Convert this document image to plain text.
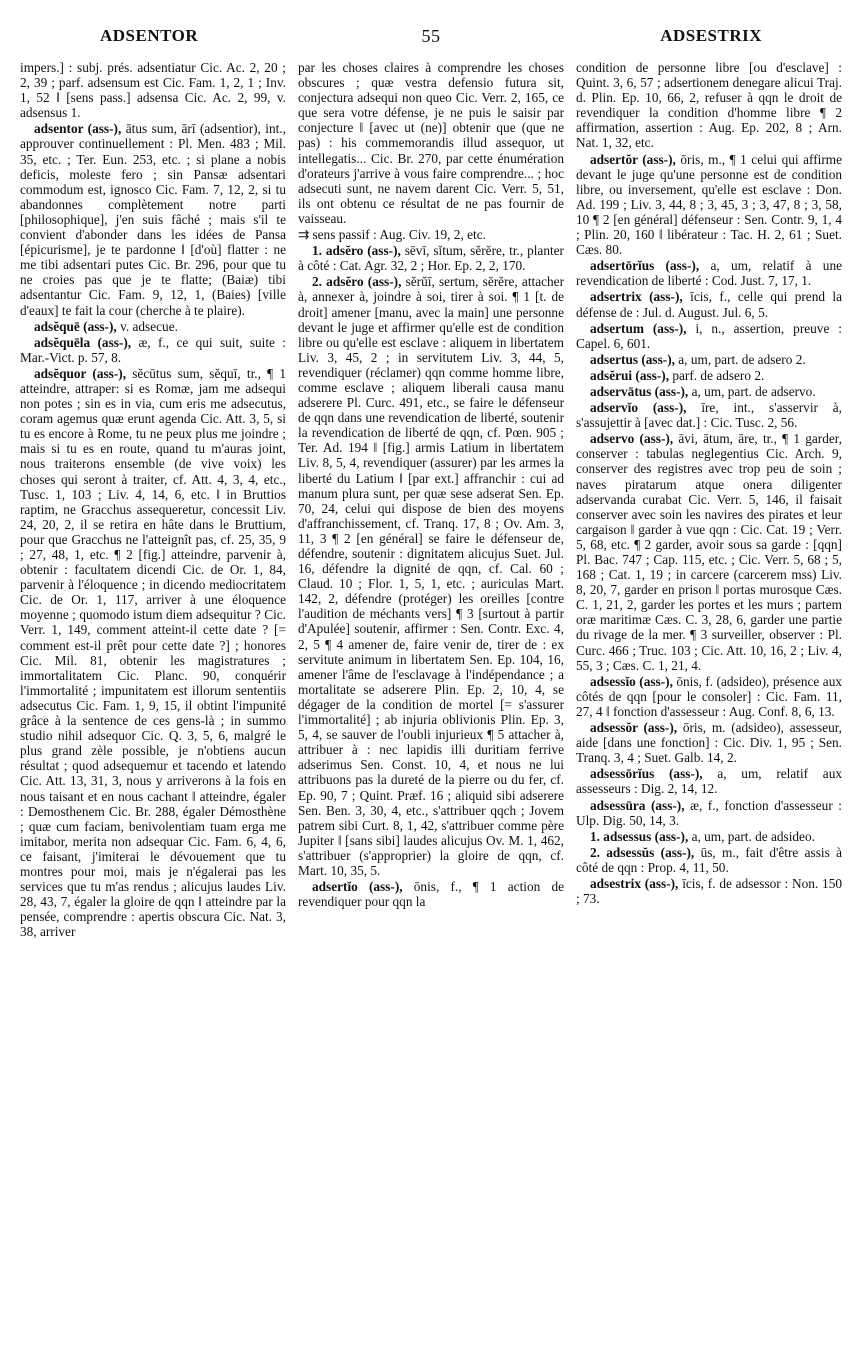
ADSENTOR	55	ADSESTRIX

impers.] : subj. prés. adsentiatur Cic. Ac. 2, 20 ; 2, 39 ; parf. adsensum est Cic. Fam. 1, 2, 1 ; Inv. 1, 52 ‖ [sens pass.] adsensa Cic. Ac. 2, 99, v. adsensus 1.

adsentor (ass-), ātus sum, ārī (adsentior), int., approuver continuellement : Pl. Men. 483 ; Mil. 35, etc. ; Ter. Eun. 253, etc. ; si plane a nobis deficis, moleste fero ; sin Pansæ adsentari commodum est, ignosco Cic. Fam. 7, 12, 2, si tu abandonnes complètement notre parti [philosophique], j'en suis fâché ; mais s'il te convient d'abonder dans les idées de Pansa [épicurisme], je te pardonne ‖ [d'où] flatter : ne me tibi adsentari putes Cic. Br. 296, pour que tu ne croies pas que je te flatte; (Baiæ) tibi adsentantur Cic. Fam. 9, 12, 1, (Baies) [ville d'eaux] te fait la cour (cherche à te plaire).

adsĕquē (ass-), v. adsecue.

adsĕquēla (ass-), æ, f., ce qui suit, suite : Mar.-Vict. p. 57, 8.

adsĕquor (ass-), sĕcūtus sum, sĕquī, tr., ¶ 1 atteindre, attraper: si es Romæ, jam me adsequi non potes ; sin es in via, cum eris me adsecutus, coram agemus quæ erunt agenda Cic. Att. 3, 5, si tu es encore à Rome, tu ne peux plus me joindre ; mais si tu es en route, quand tu m'auras joint, nous traiterons ensemble (de vive voix) les choses qui seront à traiter, cf. Att. 4, 3, 4, etc., Tusc. 1, 103 ; Liv. 4, 14, 6, etc. ‖ in Bruttios raptim, ne Gracchus assequeretur, concessit Liv. 24, 20, 2, il se retira en hâte dans le Bruttium, pour que Gracchus ne l'atteignît pas, cf. 25, 35, 9 ; 27, 48, 1, etc. ¶ 2 [fig.] atteindre, parvenir à, obtenir : facultatem dicendi Cic. de Or. 1, 84, parvenir à l'éloquence ; in dicendo mediocritatem Cic. de Or. 1, 117, arriver à une éloquence moyenne ; quomodo istum diem adsequitur ? Cic. Verr. 1, 149, comment atteint-il cette date ? [= comment est-il prêt pour cette date ?] ; honores Cic. Mil. 81, obtenir les magistratures ; immortalitatem Cic. Planc. 90, conquérir l'immortalité ; impunitatem est illorum sententiis adsecutus Cic. Fam. 1, 9, 15, il obtint l'impunité grâce à la sentence de ces gens-là ; in summo studio nihil adsequor Cic. Q. 3, 5, 6, malgré le plus grand zèle possible, je n'obtiens aucun résultat ; quod adsequemur et tacendo et latendo Cic. Att. 13, 31, 3, nous y arriverons à la fois en nous taisant et en nous cachant ‖ atteindre, égaler : Demosthenem Cic. Br. 288, égaler Démosthène ; quæ cum faciam, benivolentiam tuam erga me imitabor, merita non adsequar Cic. Fam. 6, 4, 6, ce faisant, j'imiterai le dévouement que tu montres pour moi, mais je n'égalerai pas les services que tu m'as rendus ; alicujus laudes Liv. 28, 43, 7, égaler la gloire de qqn ‖ atteindre par la pensée, comprendre : apertis obscura Cic. Nat. 3, 38, arriver

par les choses claires à comprendre les choses obscures ; quæ vestra defensio futura sit, conjectura adsequi non queo Cic. Verr. 2, 165, ce que sera votre défense, je ne puis le saisir par conjecture ‖ [avec ut (ne)] obtenir que (que ne pas) : his commemorandis illud assequor, ut intellegatis... Cic. Br. 270, par cette énumération d'orateurs j'arrive à vous faire comprendre... ; hoc adsecuti sunt, ne navem darent Cic. Verr. 5, 51, ils ont obtenu ce résultat de ne pas fournir de vaisseau.

⇉ sens passif : Aug. Civ. 19, 2, etc.

1. adsĕro (ass-), sēvī, sĭtum, sĕrĕre, tr., planter à côté : Cat. Agr. 32, 2 ; Hor. Ep. 2, 2, 170.

2. adsĕro (ass-), sĕrŭī, sertum, sĕrĕre, attacher à, annexer à, joindre à soi, tirer à soi. ¶ 1 [t. de droit] amener [manu, avec la main] une personne devant le juge et affirmer qu'elle est de condition libre ou qu'elle est esclave : aliquem in libertatem Liv. 3, 45, 2 ; in servitutem Liv. 3, 44, 5, revendiquer (réclamer) qqn comme homme libre, comme esclave ; aliquem liberali causa manu adserere Pl. Curc. 491, etc., se faire le défenseur de qqn dans une revendication de liberté, soutenir la revendication de liberté de qqn, cf. Pœn. 905 ; Ter. Ad. 194 ‖ [fig.] armis Latium in libertatem Liv. 8, 5, 4, revendiquer (assurer) par les armes la liberté du Latium ‖ [par ext.] affranchir : cui ad manum plura sunt, per quæ sese adserat Sen. Ep. 70, 24, celui qui dispose de bien des moyens d'affranchissement, cf. Tranq. 17, 8 ; Ov. Am. 3, 11, 3 ¶ 2 [en général] se faire le défenseur de, défendre, soutenir : dignitatem alicujus Suet. Jul. 16, défendre la dignité de qqn, cf. Cal. 60 ; Claud. 10 ; Flor. 1, 5, 1, etc. ; auriculas Mart. 142, 2, défendre (protéger) les oreilles [contre l'audition de méchants vers] ¶ 3 [surtout à partir d'Apulée] soutenir, affirmer : Sen. Contr. Exc. 4, 2, 5 ¶ 4 amener de, faire venir de, tirer de : ex servitute animum in libertatem Sen. Ep. 104, 16, amener l'âme de l'esclavage à l'indépendance ; a mortalitate se adserere Plin. Ep. 2, 10, 4, se dégager de la condition de mortel [= s'assurer l'immortalité] ; ab injuria oblivionis Plin. Ep. 3, 5, 4, se sauver de l'oubli injurieux ¶ 5 attacher à, attribuer à : nec lapidis illi duritiam ferrive adserimus Sen. Const. 10, 4, et nous ne lui attribuons pas la dureté de la pierre ou du fer, cf. Ep. 90, 7 ; Quint. Præf. 16 ; aliquid sibi adserere Sen. Ben. 3, 30, 4, etc., s'attribuer qqch ; Jovem patrem sibi Curt. 8, 1, 42, s'attribuer comme père Jupiter ‖ [sans sibi] laudes alicujus Ov. M. 1, 462, s'attribuer (s'approprier) la gloire de qqn, cf. Mart. 10, 35, 5.

adsertĭo (ass-), ōnis, f., ¶ 1 action de revendiquer pour qqn la

condition de personne libre [ou d'esclave] : Quint. 3, 6, 57 ; adsertionem denegare alicui Traj. d. Plin. Ep. 10, 66, 2, refuser à qqn le droit de revendiquer la condition d'homme libre ¶ 2 affirmation, assertion : Aug. Ep. 202, 8 ; Arn. Nat. 1, 32, etc.

adsertŏr (ass-), ōris, m., ¶ 1 celui qui affirme devant le juge qu'une personne est de condition libre, ou inversement, qu'elle est esclave : Don. Ad. 199 ; Liv. 3, 44, 8 ; 3, 45, 3 ; 3, 47, 8 ; 3, 58, 10 ¶ 2 [en général] défenseur : Sen. Contr. 9, 1, 4 ; Plin. 20, 160 ‖ libérateur : Tac. H. 2, 61 ; Suet. Cæs. 80.

adsertōrĭus (ass-), a, um, relatif à une revendication de liberté : Cod. Just. 7, 17, 1.

adsertrix (ass-), īcis, f., celle qui prend la défense de : Jul. d. August. Jul. 6, 5.

adsertum (ass-), i, n., assertion, preuve : Capel. 6, 601.

adsertus (ass-), a, um, part. de adsero 2.

adsĕrui (ass-), parf. de adsero 2.

adservātus (ass-), a, um, part. de adservo.

adservĭo (ass-), īre, int., s'asservir à, s'assujettir à [avec dat.] : Cic. Tusc. 2, 56.

adservo (ass-), āvi, ātum, āre, tr., ¶ 1 garder, conserver : tabulas neglegentius Cic. Arch. 9, conserver des registres avec trop peu de soin ; naves piratarum atque onera diligenter adservanda curabat Cic. Verr. 5, 146, il faisait conserver avec soin les navires des pirates et leur cargaison ‖ garder à vue qqn : Cic. Cat. 19 ; Verr. 5, 68, etc. ¶ 2 garder, avoir sous sa garde : [qqn] Pl. Bac. 747 ; Cap. 115, etc. ; Cic. Verr. 5, 68 ; 5, 168 ; Cat. 1, 19 ; in carcere (carcerem mss) Liv. 8, 20, 7, garder en prison ‖ portas murosque Cæs. C. 1, 21, 2, garder les portes et les murs ; partem oræ maritimæ Cæs. C. 3, 28, 6, garder une partie du rivage de la mer. ¶ 3 surveiller, observer : Pl. Curc. 466 ; Truc. 103 ; Cic. Att. 10, 16, 2 ; Liv. 4, 55, 3 ; Cæs. C. 1, 21, 4.

adsessĭo (ass-), ōnis, f. (adsideo), présence aux côtés de qqn [pour le consoler] : Cic. Fam. 11, 27, 4 ‖ fonction d'assesseur : Aug. Conf. 8, 6, 13.

adsessŏr (ass-), ōris, m. (adsideo), assesseur, aide [dans une fonction] : Cic. Div. 1, 95 ; Sen. Tranq. 3, 4 ; Suet. Galb. 14, 2.

adsessōrĭus (ass-), a, um, relatif aux assesseurs : Dig. 2, 14, 12.

adsessūra (ass-), æ, f., fonction d'assesseur : Ulp. Dig. 50, 14, 3.

1. adsessus (ass-), a, um, part. de adsideo.

2. adsessŭs (ass-), ūs, m., fait d'être assis à côté de qqn : Prop. 4, 11, 50.

adsestrix (ass-), īcis, f. de adsessor : Non. 150 ; 73.
